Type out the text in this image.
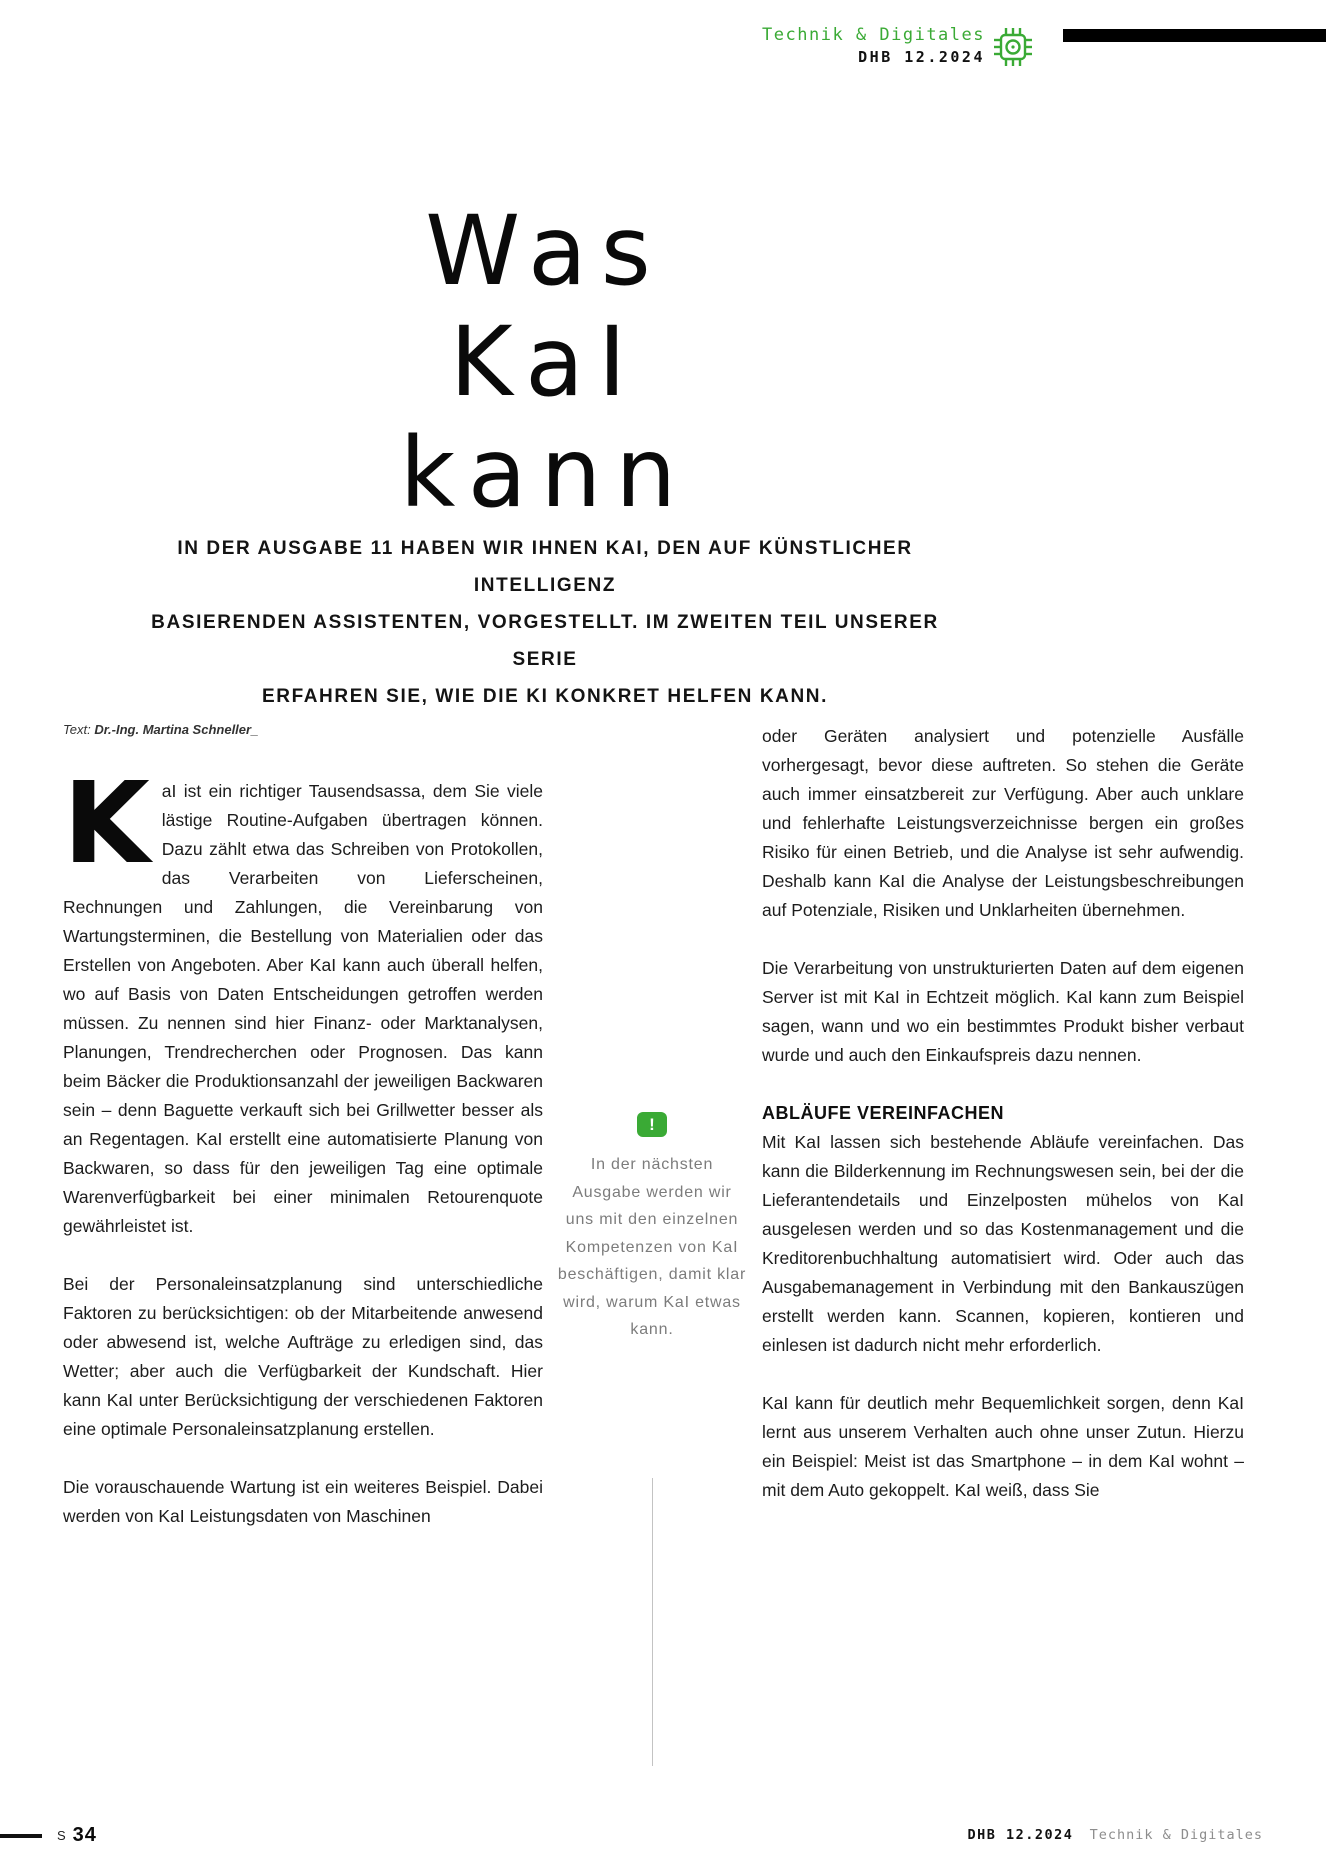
Technik & Digitales
DHB 12.2024
Was
KaI
kann
IN DER AUSGABE 11 HABEN WIR IHNEN KAI, DEN AUF KÜNSTLICHER INTELLIGENZ
BASIERENDEN ASSISTENTEN, VORGESTELLT. IM ZWEITEN TEIL UNSERER SERIE
ERFAHREN SIE, WIE DIE KI KONKRET HELFEN KANN.
Text: Dr.-Ing. Martina Schneller_

KaI ist ein richtiger Tausendsassa, dem Sie viele lästige Routine-Aufgaben übertragen können. Dazu zählt etwa das Schreiben von Protokollen, das Verarbeiten von Lieferscheinen, Rechnungen und Zahlungen, die Vereinbarung von Wartungsterminen, die Bestellung von Materialien oder das Erstellen von Angeboten. Aber KaI kann auch überall helfen, wo auf Basis von Daten Entscheidungen getroffen werden müssen. Zu nennen sind hier Finanz- oder Marktanalysen, Planungen, Trendrecherchen oder Prognosen. Das kann beim Bäcker die Produktionsanzahl der jeweiligen Backwaren sein – denn Baguette verkauft sich bei Grillwetter besser als an Regentagen. KaI erstellt eine automatisierte Planung von Backwaren, so dass für den jeweiligen Tag eine optimale Warenverfügbarkeit bei einer minimalen Retourenquote gewährleistet ist.

Bei der Personaleinsatzplanung sind unterschiedliche Faktoren zu berücksichtigen: ob der Mitarbeitende anwesend oder abwesend ist, welche Aufträge zu erledigen sind, das Wetter; aber auch die Verfügbarkeit der Kundschaft. Hier kann KaI unter Berücksichtigung der verschiedenen Faktoren eine optimale Personaleinsatzplanung erstellen.

Die vorauschauende Wartung ist ein weiteres Beispiel. Dabei werden von KaI Leistungsdaten von Maschinen

!
In der nächsten Ausgabe werden wir uns mit den einzelnen Kompetenzen von KaI beschäftigen, damit klar wird, warum KaI etwas kann.

oder Geräten analysiert und potenzielle Ausfälle vorhergesagt, bevor diese auftreten. So stehen die Geräte auch immer einsatzbereit zur Verfügung. Aber auch unklare und fehlerhafte Leistungsverzeichnisse bergen ein großes Risiko für einen Betrieb, und die Analyse ist sehr aufwendig. Deshalb kann KaI die Analyse der Leistungsbeschreibungen auf Potenziale, Risiken und Unklarheiten übernehmen.

Die Verarbeitung von unstrukturierten Daten auf dem eigenen Server ist mit KaI in Echtzeit möglich. KaI kann zum Beispiel sagen, wann und wo ein bestimmtes Produkt bisher verbaut wurde und auch den Einkaufspreis dazu nennen.

ABLÄUFE VEREINFACHEN

Mit KaI lassen sich bestehende Abläufe vereinfachen. Das kann die Bilderkennung im Rechnungswesen sein, bei der die Lieferantendetails und Einzelposten mühelos von KaI ausgelesen werden und so das Kostenmanagement und die Kreditorenbuchhaltung automatisiert wird. Oder auch das Ausgabemanagement in Verbindung mit den Bankauszügen erstellt werden kann. Scannen, kopieren, kontieren und einlesen ist dadurch nicht mehr erforderlich.

KaI kann für deutlich mehr Bequemlichkeit sorgen, denn KaI lernt aus unserem Verhalten auch ohne unser Zutun. Hierzu ein Beispiel: Meist ist das Smartphone – in dem KaI wohnt – mit dem Auto gekoppelt. KaI weiß, dass Sie

S 34	DHB 12.2024 Technik & Digitales
